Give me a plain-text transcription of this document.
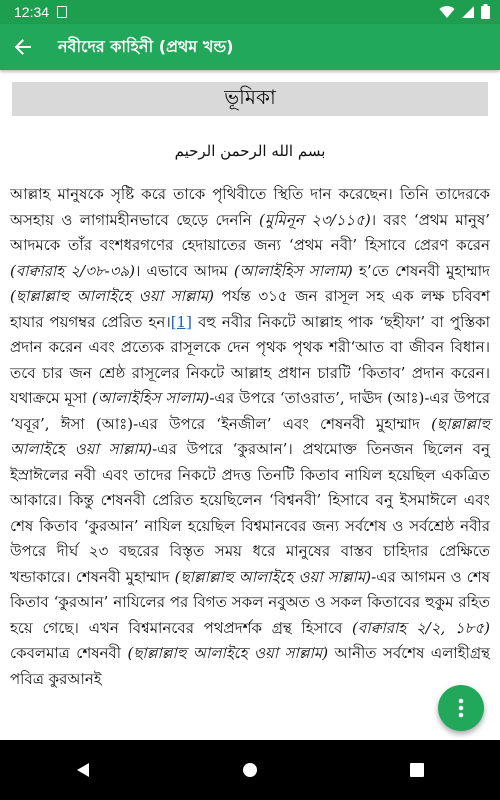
12:34
নবীদের কাহিনী (প্রথম খন্ড)
ভূমিকা
بسم الله الرحمن الرحيم
আল্লাহ মানুষকে সৃষ্টি করে তাকে পৃথিবীতে স্থিতি দান করেছেন। তিনি তাদেরকে অসহায় ও লাগামহীনভাবে ছেড়ে দেননি (মুমিনূন ২৩/১১৫)। বরং ‘প্রথম মানুষ’ আদমকে তাঁর বংশধরগণের হেদায়াতের জন্য ‘প্রথম নবী’ হিসাবে প্রেরণ করেন (বাক্বারাহ ২/৩৮-৩৯)। এভাবে আদম (আলাইহিস সালাম) হ’তে শেষনবী মুহাম্মাদ (ছাল্লাল্লাহু আলাইহে ওয়া সাল্লাম) পর্যন্ত ৩১৫ জন রাসূল সহ এক লক্ষ চবিবশ হাযার পয়গম্বর প্রেরিত হন।[1] বহু নবীর নিকটে আল্লাহ পাক ‘ছহীফা’ বা পুস্তিকা প্রদান করেন এবং প্রত্যেক রাসূলকে দেন পৃথক পৃথক শরী‘আত বা জীবন বিধান। তবে চার জন শ্রেষ্ঠ রাসূলের নিকটে আল্লাহ প্রধান চারটি ‘কিতাব’ প্রদান করেন। যথাক্রমে মূসা (আলাইহিস সালাম)-এর উপরে ‘তাওরাত’, দাঊদ (আঃ)-এর উপরে ‘যবূর’, ঈসা (আঃ)-এর উপরে ‘ইনজীল’ এবং শেষনবী মুহাম্মাদ (ছাল্লাল্লাহু আলাইহে ওয়া সাল্লাম)-এর উপরে ‘কুরআন’। প্রথমোক্ত তিনজন ছিলেন বনু ইস্রাঈলের নবী এবং তাদের নিকটে প্রদত্ত তিনটি কিতাব নাযিল হয়েছিল একত্রিত আকারে। কিন্তু শেষনবী প্রেরিত হয়েছিলেন ‘বিশ্বনবী’ হিসাবে বনু ইসমাঈলে এবং শেষ কিতাব ‘কুরআন’ নাযিল হয়েছিল বিশ্বমানবের জন্য সর্বশেষ ও সর্বশ্রেষ্ঠ নবীর উপরে দীর্ঘ ২৩ বছরের বিস্তৃত সময় ধরে মানুষের বাস্তব চাহিদার প্রেক্ষিতে খন্ডাকারে। শেষনবী মুহাম্মাদ (ছাল্লাল্লাহু আলাইহে ওয়া সাল্লাম)-এর আগমন ও শেষ কিতাব ‘কুরআন’ নাযিলের পর বিগত সকল নবুঅত ও সকল কিতাবের হুকুম রহিত হয়ে গেছে। এখন বিশ্বমানবের পথপ্রদর্শক গ্রন্থ হিসাবে (বাক্বারাহ ২/২, ১৮৫) কেবলমাত্র শেষনবী (ছাল্লাল্লাহু আলাইহে ওয়া সাল্লাম) আনীত সর্বশেষ এলাহীগ্রন্থ পবিত্র কুরআনই
